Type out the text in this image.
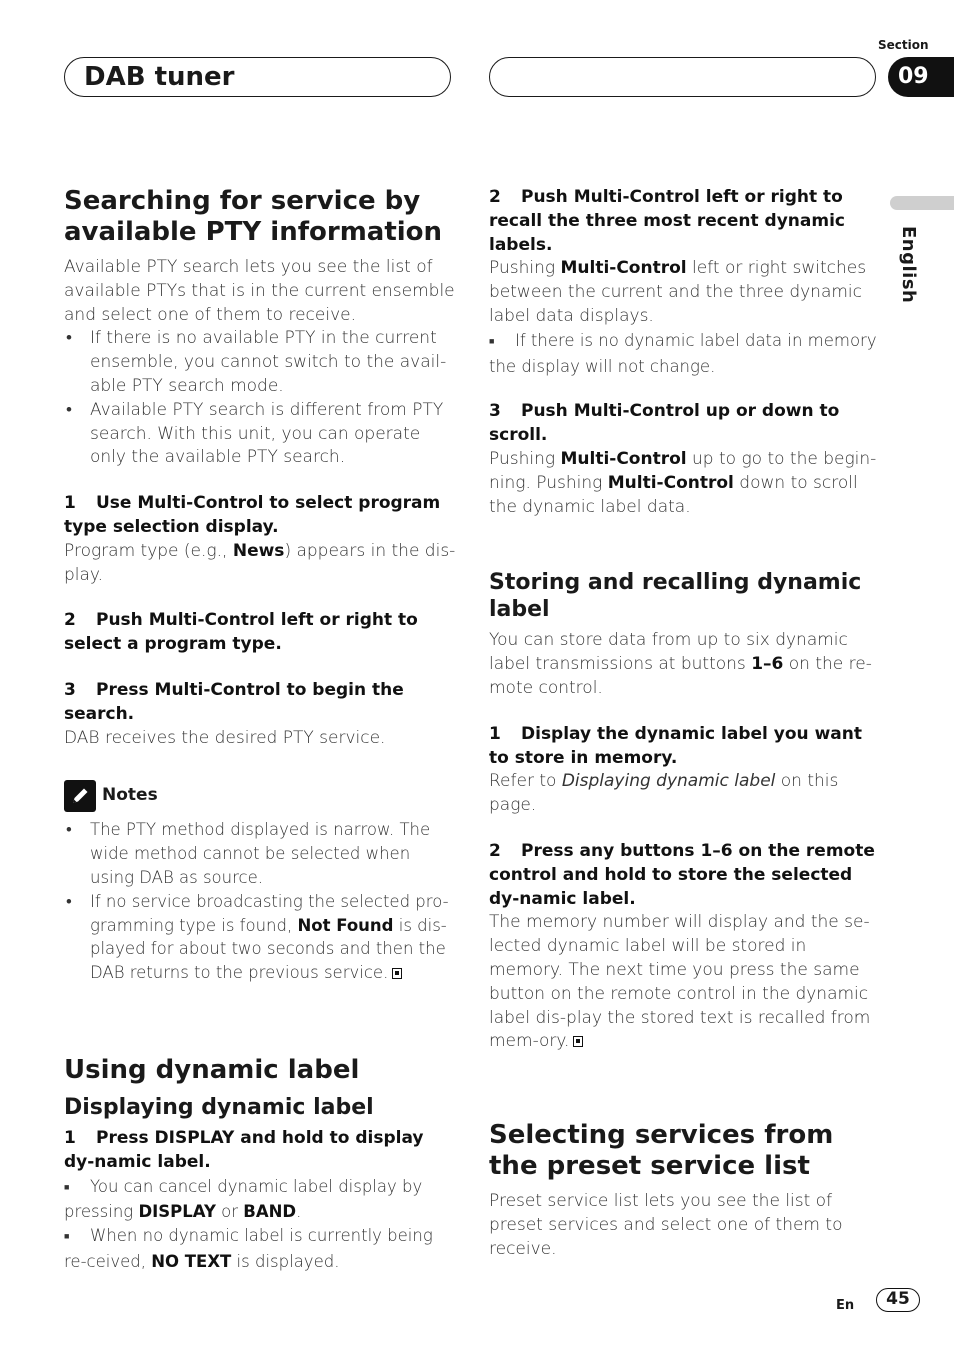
DAB tuner
Section
09
English
Searching for service by available PTY information

Available PTY search lets you see the list of available PTYs that is in the current ensemble and select one of them to receive.

• If there is no available PTY in the current ensemble, you cannot switch to the avail-able PTY search mode.
• Available PTY search is different from PTY search. With this unit, you can operate only the available PTY search.

1 Use Multi-Control to select program type selection display.

Program type (e.g., News) appears in the dis-play.

2 Push Multi-Control left or right to select a program type.

3 Press Multi-Control to begin the search.

DAB receives the desired PTY service.

Notes
• The PTY method displayed is narrow. The wide method cannot be selected when using DAB as source.
• If no service broadcasting the selected pro-gramming type is found, Not Found is dis-played for about two seconds and then the DAB returns to the previous service.
Using dynamic label
Displaying dynamic label

1 Press DISPLAY and hold to display dy-namic label.

■ You can cancel dynamic label display by pressing DISPLAY or BAND.

■ When no dynamic label is currently being re-ceived, NO TEXT is displayed.

2 Push Multi-Control left or right to recall the three most recent dynamic labels.

Pushing Multi-Control left or right switches between the current and the three dynamic label data displays.

■ If there is no dynamic label data in memory the display will not change.

3 Push Multi-Control up or down to scroll.

Pushing Multi-Control up to go to the begin-ning. Pushing Multi-Control down to scroll the dynamic label data.

Storing and recalling dynamic label

You can store data from up to six dynamic label transmissions at buttons 1–6 on the re-mote control.

1 Display the dynamic label you want to store in memory.

Refer to Displaying dynamic label on this page.

2 Press any buttons 1–6 on the remote control and hold to store the selected dy-namic label.

The memory number will display and the se-lected dynamic label will be stored in memory. The next time you press the same button on the remote control in the dynamic label dis-play the stored text is recalled from mem-ory.

Selecting services from the preset service list

Preset service list lets you see the list of preset services and select one of them to receive.

En	45
